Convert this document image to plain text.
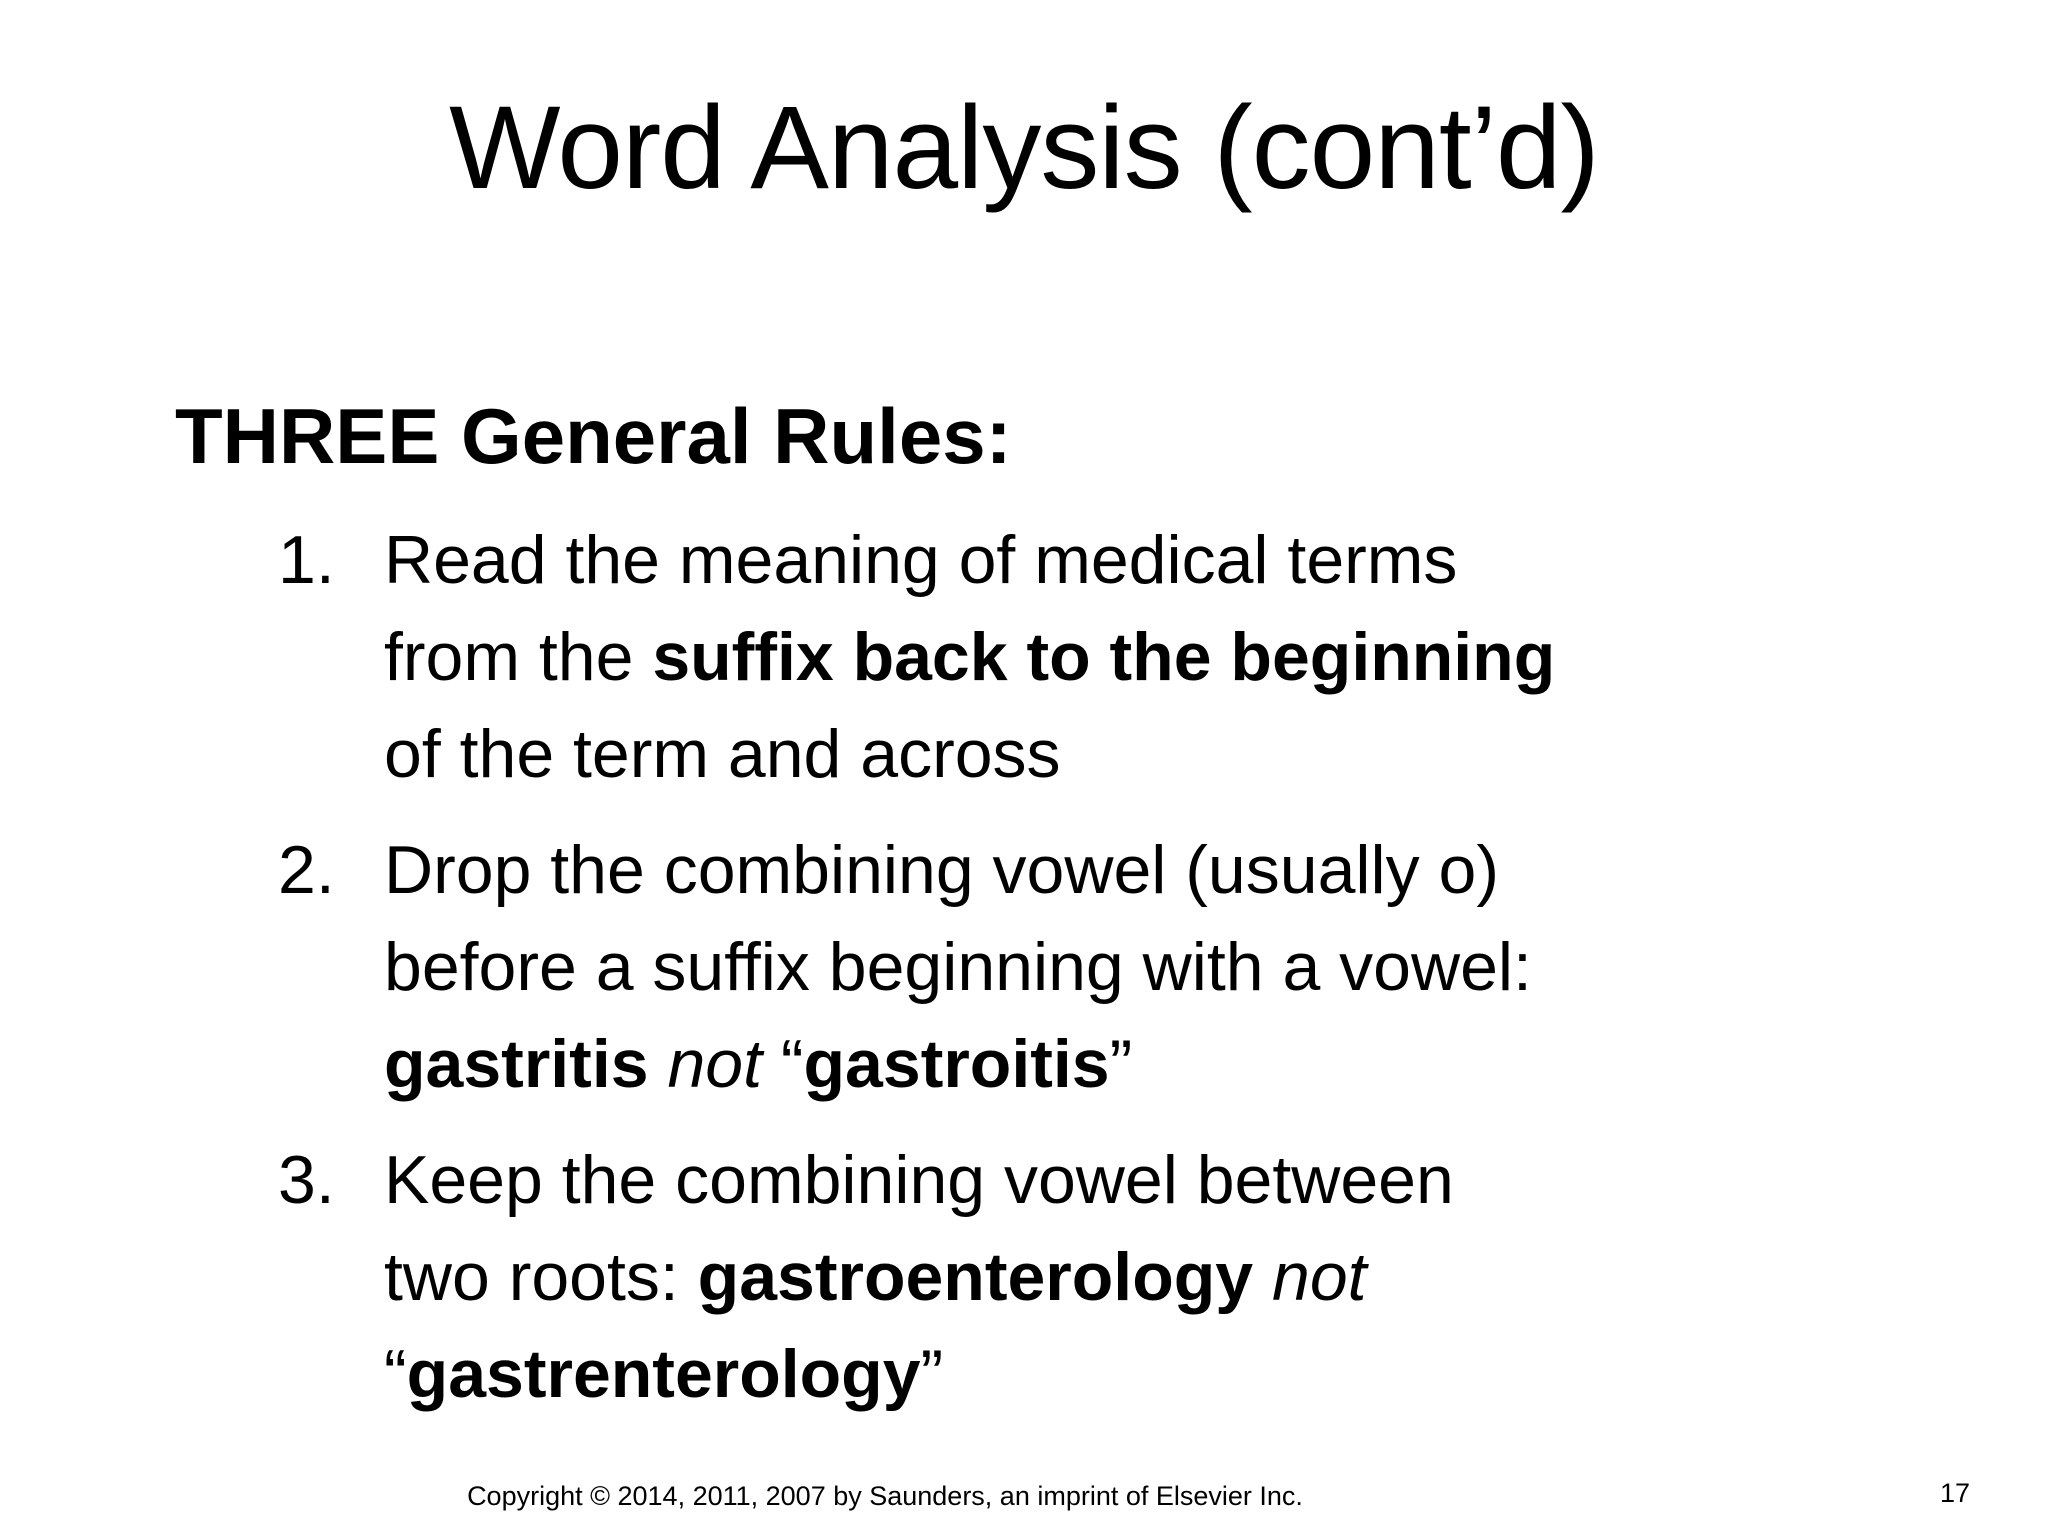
Word Analysis (cont’d)
THREE General Rules:
1. Read the meaning of medical terms
from the suffix back to the beginning
of the term and across
2. Drop the combining vowel (usually o)
before a suffix beginning with a vowel:
gastritis not “gastroitis”
3. Keep the combining vowel between
two roots: gastroenterology not
“gastrenterology”
Copyright © 2014, 2011, 2007 by Saunders, an imprint of Elsevier Inc.	17
